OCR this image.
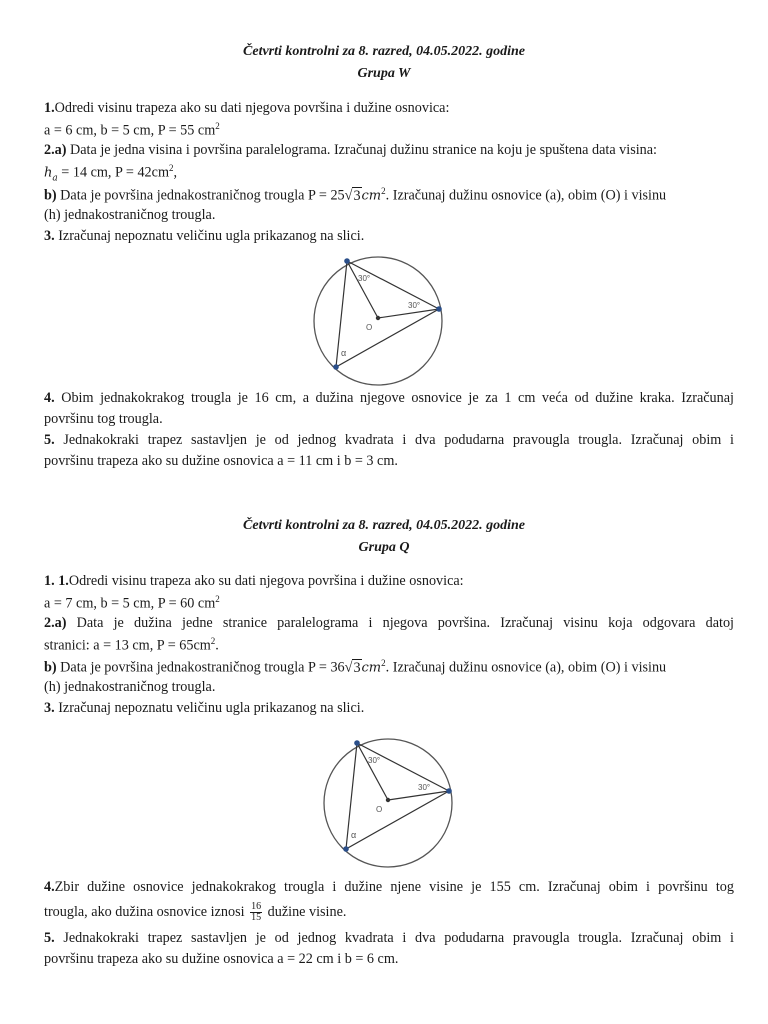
Četvrti kontrolni za 8. razred, 04.05.2022. godine
Grupa W
1.Odredi visinu trapeza ako su dati njegova površina i dužine osnovica:
a = 6 cm, b = 5 cm, P = 55 $cm^2$
2.a) Data je jedna visina i površina paralelograma. Izračunaj dužinu stranice na koju je spuštena data visina:
$h_a = 14$ cm, $P = 42cm^2$,
b) Data je površina jednakostraničnog trougla $P = 25√3cm^2$. Izračunaj dužinu osnovice (a), obim (O) i visinu
(h) jednakostraničnog trougla.
3. Izračunaj nepoznatu veličinu ugla prikazanog na slici.
30°
30°
O
α
4. Obim jednakokrakog trougla je 16 cm, a dužina njegove osnovice je za 1 cm veća od dužine kraka. Izračunaj
površinu tog trougla.
5. Jednakokraki trapez sastavljen je od jednog kvadrata i dva podudarna pravougla trougla. Izračunaj obim i
površinu trapeza ako su dužine osnovica a = 11 cm i b = 3 cm.
Četvrti kontrolni za 8. razred, 04.05.2022. godine
Grupa Q
1. 1.Odredi visinu trapeza ako su dati njegova površina i dužine osnovica:
a = 7 cm, b = 5 cm, P = 60 $cm^2$
2.a) Data je dužina jedne stranice paralelograma i njegova površina. Izračunaj visinu koja odgovara datoj
stranici: a = 13 cm, $P = 65cm^2$.
b) Data je površina jednakostraničnog trougla $P = 36√3cm^2$. Izračunaj dužinu osnovice (a), obim (O) i visinu
(h) jednakostraničnog trougla.
3. Izračunaj nepoznatu veličinu ugla prikazanog na slici.
30°
30°
O
α
4.Zbir dužine osnovice jednakokrakog trougla i dužine njene visine je 155 cm. Izračunaj obim i površinu tog
trougla, ako dužina osnovice iznosi $\frac{16}{15}$ dužine visine.
5. Jednakokraki trapez sastavljen je od jednog kvadrata i dva podudarna pravougla trougla. Izračunaj obim i
površinu trapeza ako su dužine osnovica a = 22 cm i b = 6 cm.
